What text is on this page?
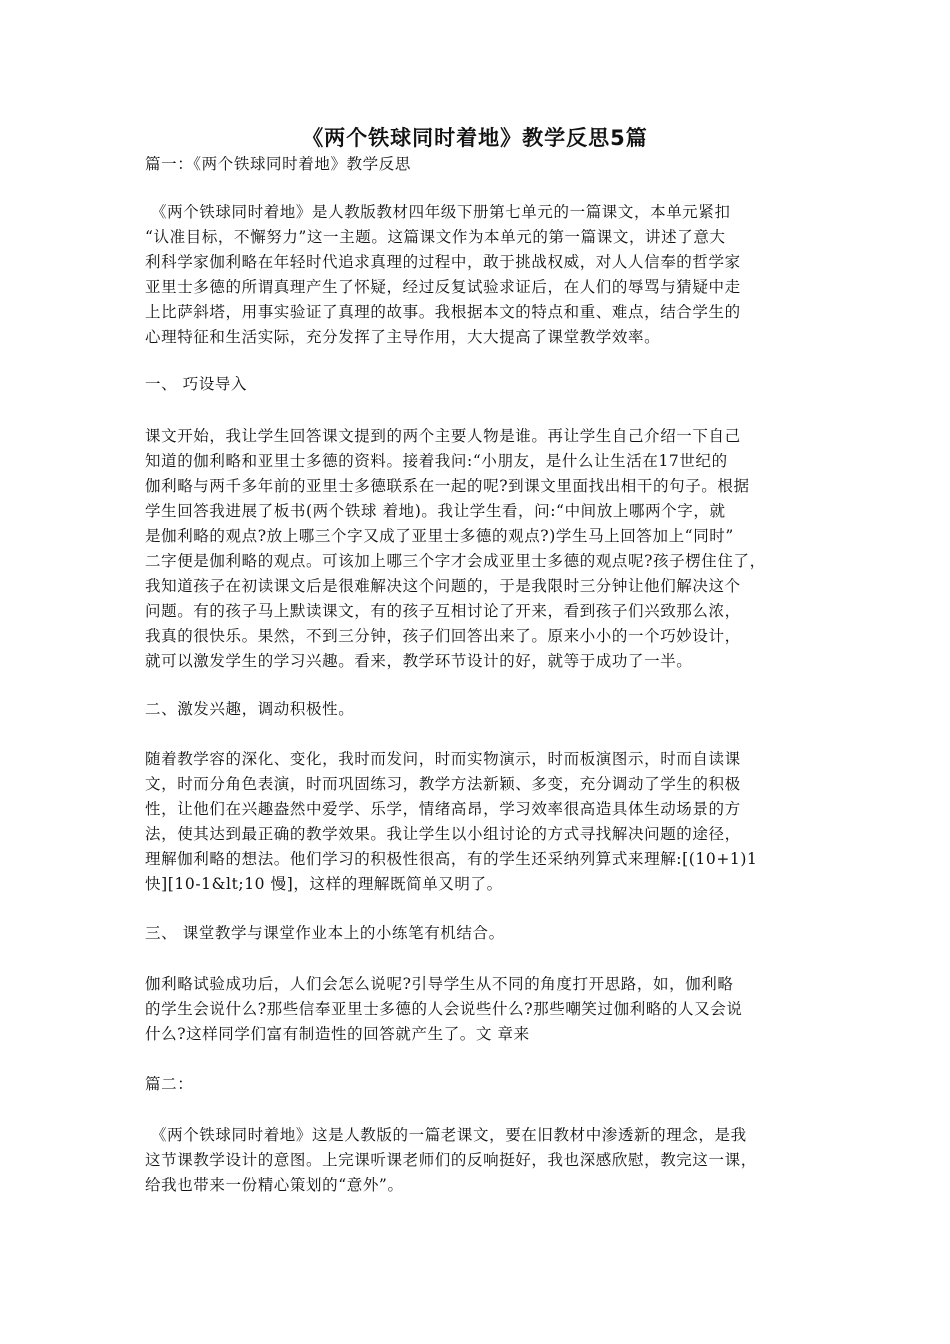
《两个铁球同时着地》教学反思5篇
篇一：《两个铁球同时着地》教学反思
《两个铁球同时着地》是人教版教材四年级下册第七单元的一篇课文，本单元紧扣
“认准目标，不懈努力”这一主题。这篇课文作为本单元的第一篇课文，讲述了意大
利科学家伽利略在年轻时代追求真理的过程中，敢于挑战权威，对人人信奉的哲学家
亚里士多德的所谓真理产生了怀疑，经过反复试验求证后，在人们的辱骂与猜疑中走
上比萨斜塔，用事实验证了真理的故事。我根据本文的特点和重、难点，结合学生的
心理特征和生活实际，充分发挥了主导作用，大大提高了课堂教学效率。
一、 巧设导入
课文开始，我让学生回答课文提到的两个主要人物是谁。再让学生自己介绍一下自己
知道的伽利略和亚里士多德的资料。接着我问:“小朋友，是什么让生活在17世纪的
伽利略与两千多年前的亚里士多德联系在一起的呢?到课文里面找出相干的句子。根据
学生回答我进展了板书(两个铁球 着地)。我让学生看，问:“中间放上哪两个字，就
是伽利略的观点?放上哪三个字又成了亚里士多德的观点?)学生马上回答加上“同时”
二字便是伽利略的观点。可该加上哪三个字才会成亚里士多德的观点呢?孩子楞住住了，
我知道孩子在初读课文后是很难解决这个问题的，于是我限时三分钟让他们解决这个
问题。有的孩子马上默读课文，有的孩子互相讨论了开来，看到孩子们兴致那么浓，
我真的很快乐。果然，不到三分钟，孩子们回答出来了。原来小小的一个巧妙设计，
就可以激发学生的学习兴趣。看来，教学环节设计的好，就等于成功了一半。
二、激发兴趣，调动积极性。
随着教学容的深化、变化，我时而发问，时而实物演示，时而板演图示，时而自读课
文，时而分角色表演，时而巩固练习，教学方法新颖、多变，充分调动了学生的积极
性，让他们在兴趣盎然中爱学、乐学，情绪高昂，学习效率很高造具体生动场景的方
法，使其达到最正确的教学效果。我让学生以小组讨论的方式寻找解决问题的途径，
理解伽利略的想法。他们学习的积极性很高，有的学生还采纳列算式来理解:[(10+1)1
快][10-1&lt;10 慢]，这样的理解既简单又明了。
三、 课堂教学与课堂作业本上的小练笔有机结合。
伽利略试验成功后，人们会怎么说呢?引导学生从不同的角度打开思路，如，伽利略
的学生会说什么?那些信奉亚里士多德的人会说些什么?那些嘲笑过伽利略的人又会说
什么?这样同学们富有制造性的回答就产生了。文 章来
篇二：
《两个铁球同时着地》这是人教版的一篇老课文，要在旧教材中渗透新的理念，是我
这节课教学设计的意图。上完课听课老师们的反响挺好，我也深感欣慰，教完这一课，
给我也带来一份精心策划的“意外”。
